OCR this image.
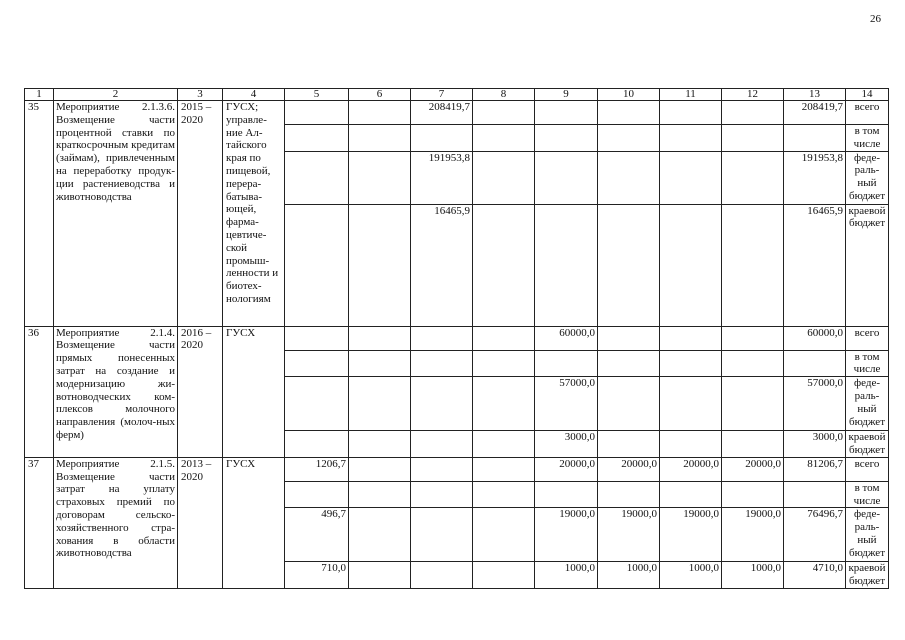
26
1	2	3	4	5	6	7	8	9	10	11	12	13	14
35	Мероприятие 2.1.3.6. Возмещение части процентной ставки по краткосрочным кредитам (займам), привлеченным на переработку продук-ции растениеводства и животноводства	2015 – 2020	ГУСХ; управле-ние Ал-тайского края по пищевой, перера-батыва-ющей, фарма-цевтиче-ской промыш-ленности и биотех-нологиям			208419,7						208419,7	всего
													в том числе
						191953,8						191953,8	феде-раль-ный бюджет
						16465,9						16465,9	краевой бюджет
36	Мероприятие 2.1.4. Возмещение части прямых понесенных затрат на создание и модернизацию жи-вотноводческих ком-плексов молочного направления (молоч-ных ферм)	2016 – 2020	ГУСХ					60000,0				60000,0	всего
													в том числе
								57000,0				57000,0	феде-раль-ный бюджет
								3000,0				3000,0	краевой бюджет
37	Мероприятие 2.1.5. Возмещение части затрат на уплату страховых премий по договорам сельско-хозяйственного стра-хования в области животноводства	2013 – 2020	ГУСХ	1206,7				20000,0	20000,0	20000,0	20000,0	81206,7	всего
													в том числе
				496,7				19000,0	19000,0	19000,0	19000,0	76496,7	феде-раль-ный бюджет
				710,0				1000,0	1000,0	1000,0	1000,0	4710,0	краевой бюджет
